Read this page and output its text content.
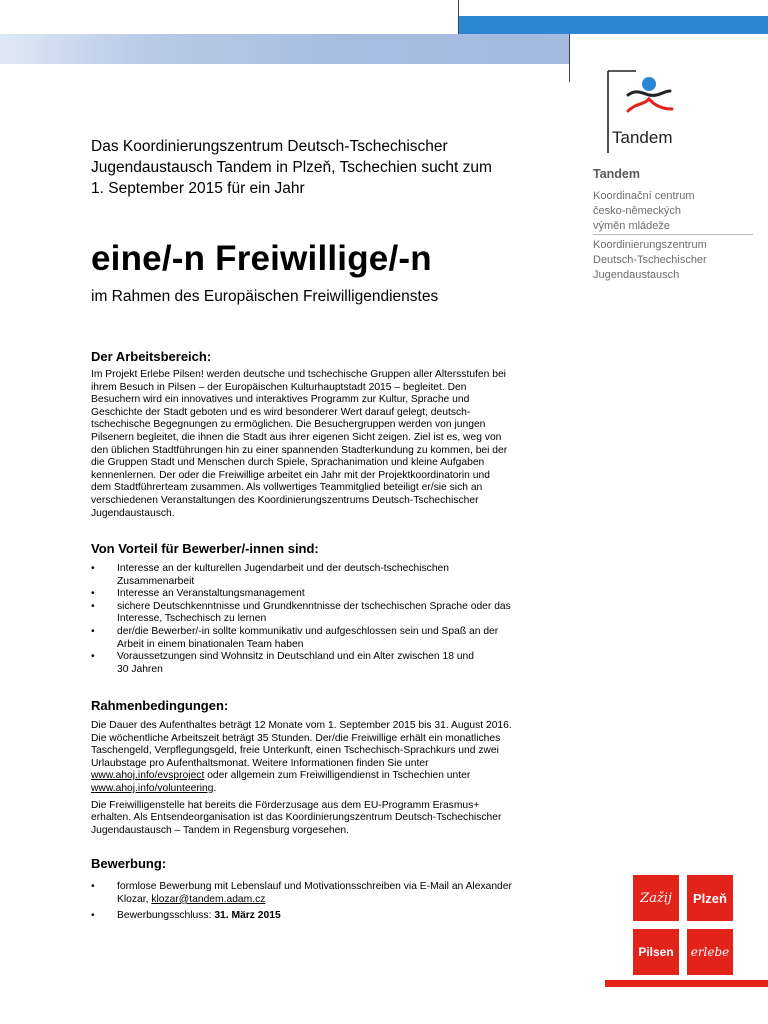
Tandem
Tandem
Koordinační centrum
česko-německých
výměn mládeže
Koordinierungszentrum
Deutsch-Tschechischer
Jugendaustausch
Das Koordinierungszentrum Deutsch-Tschechischer
Jugendaustausch Tandem in Plzeň, Tschechien sucht zum
1. September 2015 für ein Jahr
eine/-n Freiwillige/-n
im Rahmen des Europäischen Freiwilligendienstes
Der Arbeitsbereich:

Im Projekt Erlebe Pilsen! werden deutsche und tschechische Gruppen aller Altersstufen bei
ihrem Besuch in Pilsen – der Europäischen Kulturhauptstadt 2015 – begleitet. Den
Besuchern wird ein innovatives und interaktives Programm zur Kultur, Sprache und
Geschichte der Stadt geboten und es wird besonderer Wert darauf gelegt, deutsch-
tschechische Begegnungen zu ermöglichen. Die Besuchergruppen werden von jungen
Pilsenern begleitet, die ihnen die Stadt aus ihrer eigenen Sicht zeigen. Ziel ist es, weg von
den üblichen Stadtführungen hin zu einer spannenden Stadterkundung zu kommen, bei der
die Gruppen Stadt und Menschen durch Spiele, Sprachanimation und kleine Aufgaben
kennenlernen. Der oder die Freiwillige arbeitet ein Jahr mit der Projektkoordinatorin und
dem Stadtführerteam zusammen. Als vollwertiges Teammitglied beteiligt er/sie sich an
verschiedenen Veranstaltungen des Koordinierungszentrums Deutsch-Tschechischer
Jugendaustausch.

Von Vorteil für Bewerber/-innen sind:
• Interesse an der kulturellen Jugendarbeit und der deutsch-tschechischen
Zusammenarbeit
• Interesse an Veranstaltungsmanagement
• sichere Deutschkenntnisse und Grundkenntnisse der tschechischen Sprache oder das
Interesse, Tschechisch zu lernen
• der/die Bewerber/-in sollte kommunikativ und aufgeschlossen sein und Spaß an der
Arbeit in einem binationalen Team haben
• Voraussetzungen sind Wohnsitz in Deutschland und ein Alter zwischen 18 und
30 Jahren
Rahmenbedingungen:

Die Dauer des Aufenthaltes beträgt 12 Monate vom 1. September 2015 bis 31. August 2016.
Die wöchentliche Arbeitszeit beträgt 35 Stunden. Der/die Freiwillige erhält ein monatliches
Taschengeld, Verpflegungsgeld, freie Unterkunft, einen Tschechisch-Sprachkurs und zwei
Urlaubstage pro Aufenthaltsmonat. Weitere Informationen finden Sie unter
www.ahoj.info/evsproject oder allgemein zum Freiwilligendienst in Tschechien unter
www.ahoj.info/volunteering.

Die Freiwilligenstelle hat bereits die Förderzusage aus dem EU-Programm Erasmus+
erhalten. Als Entsendeorganisation ist das Koordinierungszentrum Deutsch-Tschechischer
Jugendaustausch – Tandem in Regensburg vorgesehen.

Bewerbung:
• formlose Bewerbung mit Lebenslauf und Motivationsschreiben via E-Mail an Alexander
Klozar, klozar@tandem.adam.cz
• Bewerbungsschluss: 31. März 2015
Zažij	Plzeň
Pilsen	erlebe
